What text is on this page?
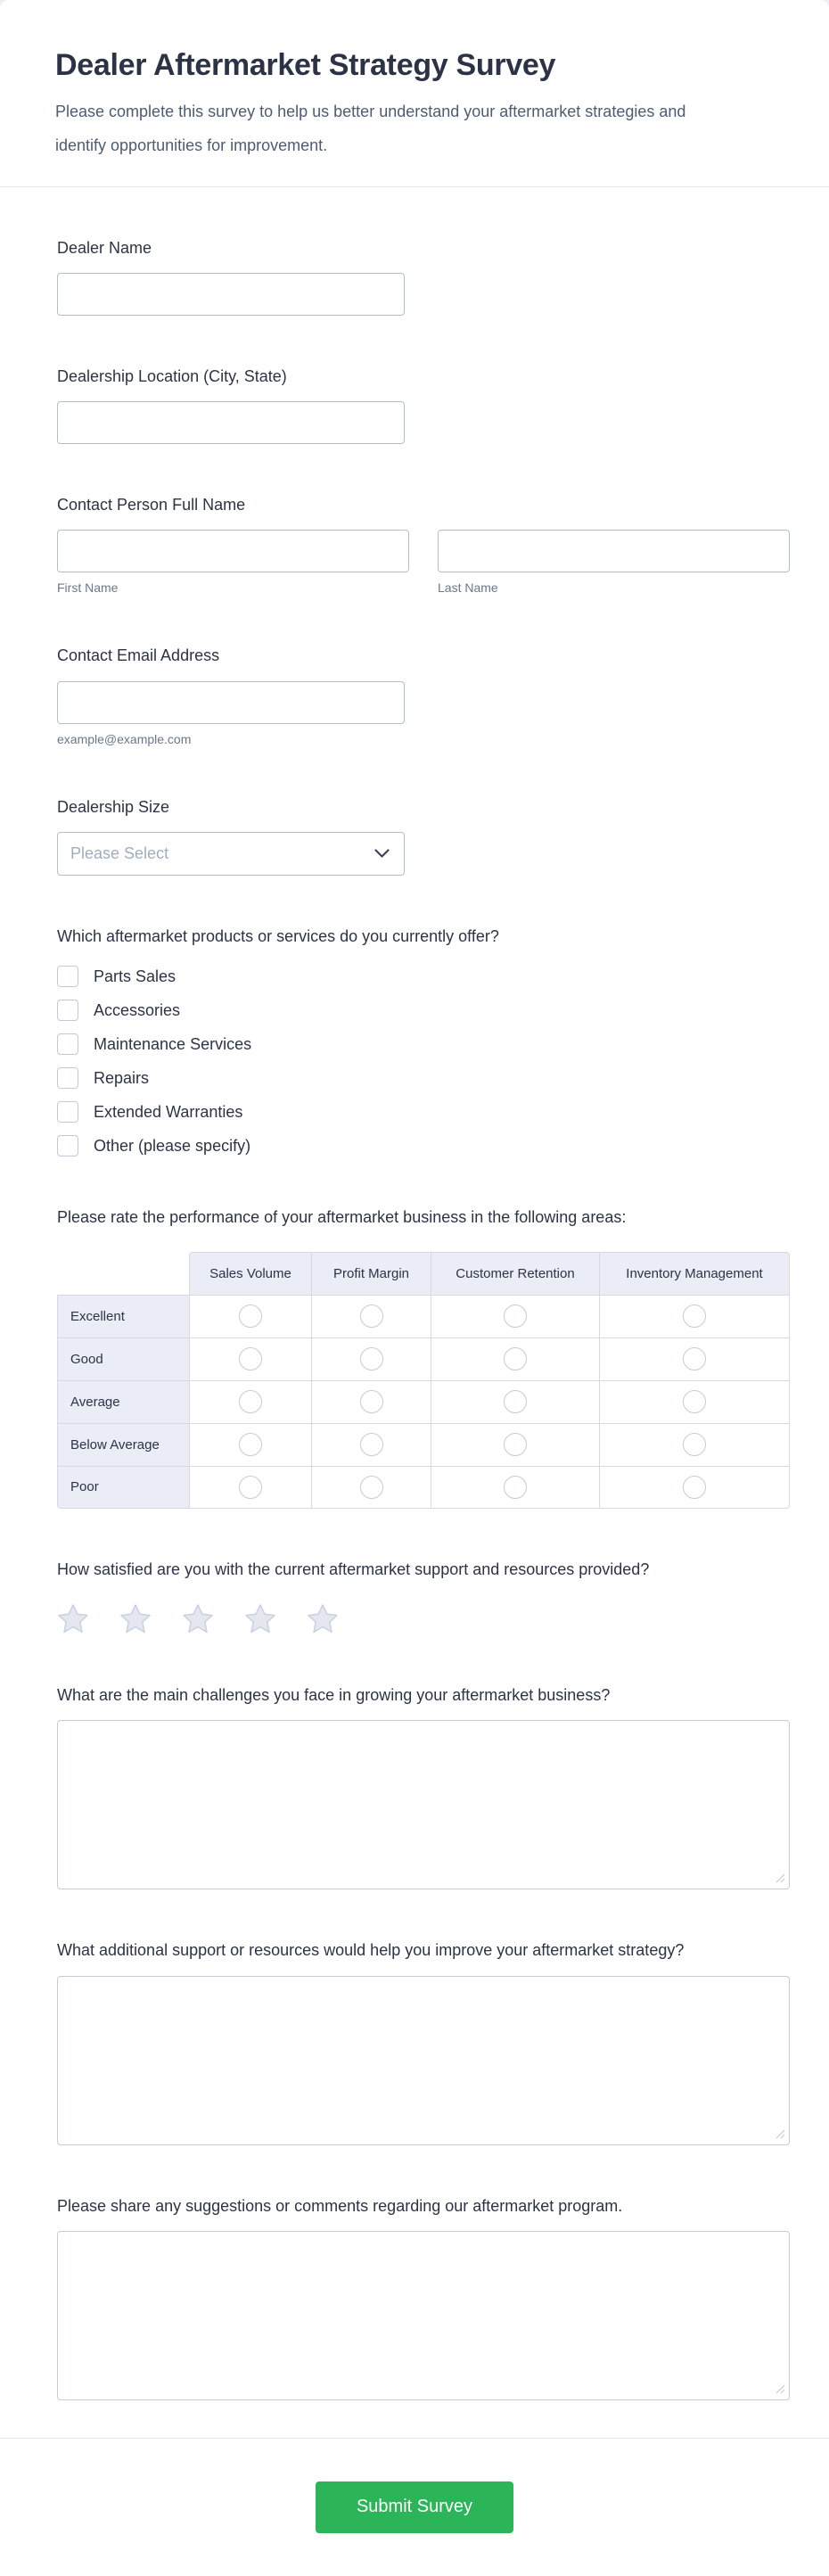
Dealer Aftermarket Strategy Survey
Please complete this survey to help us better understand your aftermarket strategies and identify opportunities for improvement.
Dealer Name
Dealership Location (City, State)
Contact Person Full Name
First Name	Last Name
Contact Email Address
example@example.com
Dealership Size
Please Select
Which aftermarket products or services do you currently offer?
Parts Sales
Accessories
Maintenance Services
Repairs
Extended Warranties
Other (please specify)
Please rate the performance of your aftermarket business in the following areas:
Sales Volume	Profit Margin	Customer Retention	Inventory Management
Excellent
Good
Average
Below Average
Poor
How satisfied are you with the current aftermarket support and resources provided?
What are the main challenges you face in growing your aftermarket business?
What additional support or resources would help you improve your aftermarket strategy?
Please share any suggestions or comments regarding our aftermarket program.
Submit Survey
